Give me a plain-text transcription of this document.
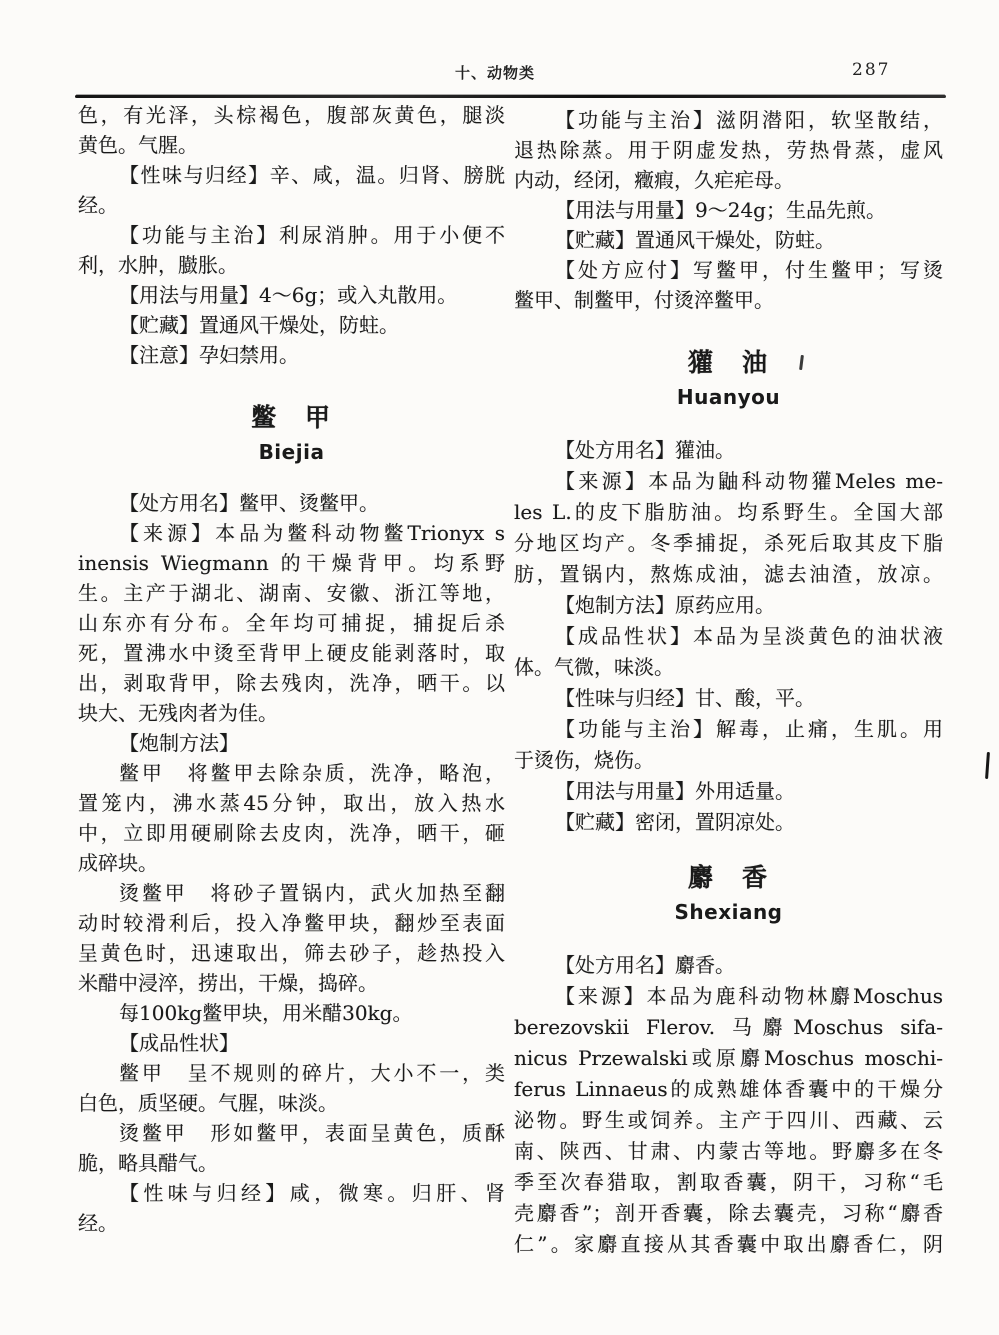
十、动物类	287
色，有光泽，头棕褐色，腹部灰黄色，腿淡
黄色。气腥。
【性味与归经】辛、咸，温。归肾、膀胱
经。
【功能与主治】利尿消肿。用于小便不
利，水肿，臌胀。
【用法与用量】4～6g；或入丸散用。
【贮藏】置通风干燥处，防蛀。
【注意】孕妇禁用。
鳖　甲
Biejia
【处方用名】鳖甲、烫鳖甲。
【来源】本品为鳖科动物鳖Trionyx s
inensis Wiegmann 的干燥背甲。均系野
生。主产于湖北、湖南、安徽、浙江等地，
山东亦有分布。全年均可捕捉，捕捉后杀
死，置沸水中烫至背甲上硬皮能剥落时，取
出，剥取背甲，除去残肉，洗净，晒干。以
块大、无残肉者为佳。
【炮制方法】
鳖甲　将鳖甲去除杂质，洗净，略泡，
置笼内，沸水蒸45分钟，取出，放入热水
中，立即用硬刷除去皮肉，洗净，晒干，砸
成碎块。
烫鳖甲　将砂子置锅内，武火加热至翻
动时较滑利后，投入净鳖甲块，翻炒至表面
呈黄色时，迅速取出，筛去砂子，趁热投入
米醋中浸淬，捞出，干燥，捣碎。
每100kg鳖甲块，用米醋30kg。
【成品性状】
鳖甲　呈不规则的碎片，大小不一，类
白色，质坚硬。气腥，味淡。
烫鳖甲　形如鳖甲，表面呈黄色，质酥
脆，略具醋气。
【性味与归经】咸，微寒。归肝、肾
经。
【功能与主治】滋阴潜阳，软坚散结，
退热除蒸。用于阴虚发热，劳热骨蒸，虚风
内动，经闭，癥瘕，久疟疟母。
【用法与用量】9～24g；生品先煎。
【贮藏】置通风干燥处，防蛀。
【处方应付】写鳖甲，付生鳖甲；写烫
鳖甲、制鳖甲，付烫淬鳖甲。
獾　油
Huanyou
【处方用名】獾油。
【来源】本品为鼬科动物獾Meles me-
les L.的皮下脂肪油。均系野生。全国大部
分地区均产。冬季捕捉，杀死后取其皮下脂
肪，置锅内，熬炼成油，滤去油渣，放凉。
【炮制方法】原药应用。
【成品性状】本品为呈淡黄色的油状液
体。气微，味淡。
【性味与归经】甘、酸，平。
【功能与主治】解毒，止痛，生肌。用
于烫伤，烧伤。
【用法与用量】外用适量。
【贮藏】密闭，置阴凉处。
麝　香
Shexiang
【处方用名】麝香。
【来源】本品为鹿科动物林麝Moschus
berezovskii Flerov. 马麝Moschus sifa-
nicus Przewalski或原麝Moschus moschi-
ferus Linnaeus的成熟雄体香囊中的干燥分
泌物。野生或饲养。主产于四川、西藏、云
南、陕西、甘肃、内蒙古等地。野麝多在冬
季至次春猎取，割取香囊，阴干，习称“毛
壳麝香”；剖开香囊，除去囊壳，习称“麝香
仁”。家麝直接从其香囊中取出麝香仁，阴
